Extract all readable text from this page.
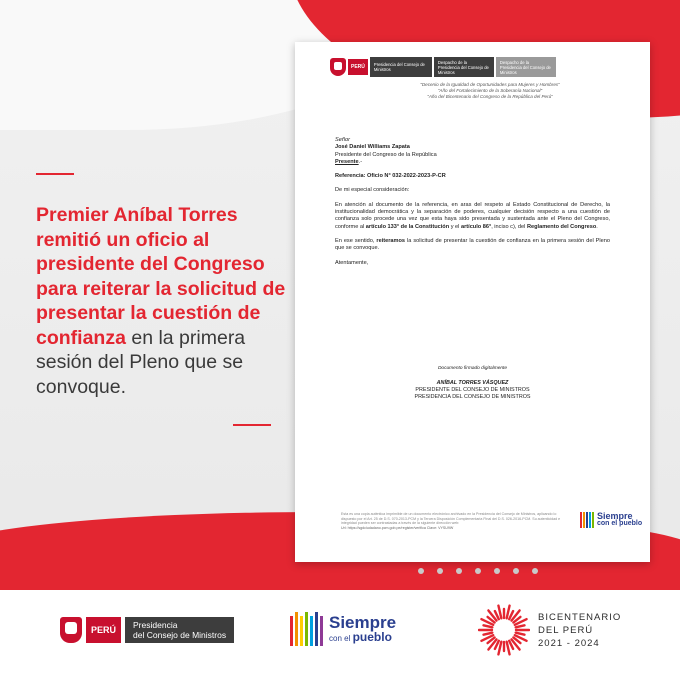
Premier Aníbal Torres remitió un oficio al presidente del Congreso para reiterar la solicitud de presentar la cuestión de confianza en la primera sesión del Pleno que se convoque.
PERÚ	Presidencia del Consejo de Ministros
Despacho de la Presidencia del Consejo de Ministros
Despacho de la Presidencia del Consejo de Ministros
"Decenio de la Igualdad de Oportunidades para Mujeres y Hombres"
"Año del Fortalecimiento de la Soberanía Nacional"
"Año del Bicentenario del Congreso de la República del Perú"

Señor

José Daniel Williams Zapata

Presidente del Congreso de la República

Presente.-

Referencia: Oficio N° 032-2022-2023-P-CR

De mi especial consideración:

En atención al documento de la referencia, en aras del respeto al Estado Constitucional de Derecho, la institucionalidad democrática y la separación de poderes, cualquier decisión respecto a una cuestión de confianza solo procede una vez que esta haya sido presentada y sustentada ante el Pleno del Congreso, conforme al artículo 133° de la Constitución y el artículo 86°, inciso c), del Reglamento del Congreso.

En ese sentido, reiteramos la solicitud de presentar la cuestión de confianza en la primera sesión del Pleno que se convoque.

Atentamente,

Documento firmado digitalmente
ANÍBAL TORRES VÁSQUEZ
PRESIDENTE DEL CONSEJO DE MINISTROS
PRESIDENCIA DEL CONSEJO DE MINISTROS
Esta es una copia auténtica imprimible de un documento electrónico archivado en la Presidencia del Consejo de Ministros, aplicando lo dispuesto por el Art. 25 de D.S. 070-2013-PCM y la Tercera Disposición Complementaria Final del D.S. 026-2016-PCM. Su autenticidad e integridad pueden ser contrastadas a través de la siguiente dirección web:
Url: https://sgdciudadano.pcm.gob.pe/register/verifica Clave: VYSU9W
Siempre
con el pueblo
PERÚ	Presidencia
del Consejo de Ministros
Siempre
con el pueblo
BICENTENARIO
DEL PERÚ
2021 - 2024
